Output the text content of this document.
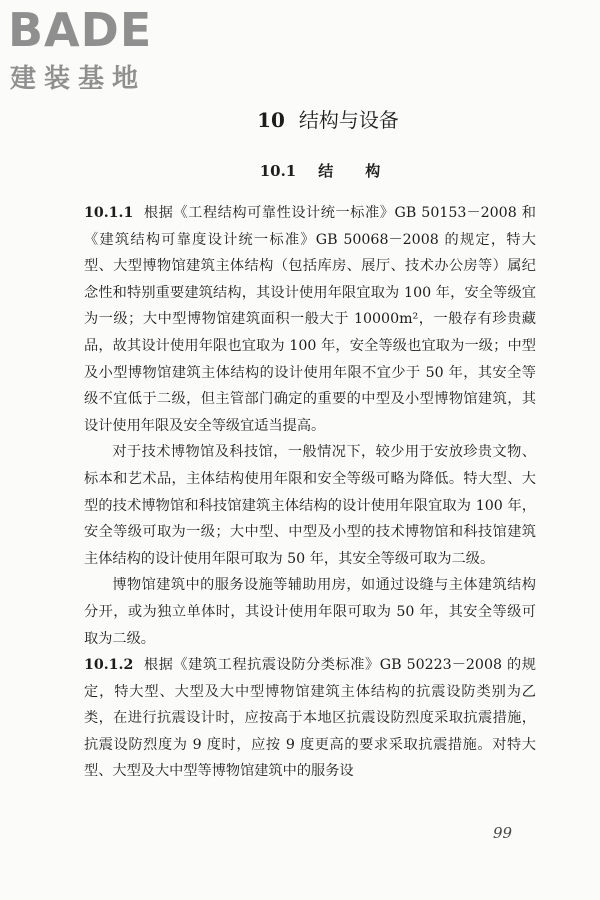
BADE
建装基地
10 结构与设备
10.1 结 构

10.1.1 根据《工程结构可靠性设计统一标准》GB 50153－2008 和《建筑结构可靠度设计统一标准》GB 50068－2008 的规定，特大型、大型博物馆建筑主体结构（包括库房、展厅、技术办公房等）属纪念性和特别重要建筑结构，其设计使用年限宜取为 100 年，安全等级宜为一级；大中型博物馆建筑面积一般大于 10000m²，一般存有珍贵藏品，故其设计使用年限也宜取为 100 年，安全等级也宜取为一级；中型及小型博物馆建筑主体结构的设计使用年限不宜少于 50 年，其安全等级不宜低于二级，但主管部门确定的重要的中型及小型博物馆建筑，其设计使用年限及安全等级宜适当提高。

对于技术博物馆及科技馆，一般情况下，较少用于安放珍贵文物、标本和艺术品，主体结构使用年限和安全等级可略为降低。特大型、大型的技术博物馆和科技馆建筑主体结构的设计使用年限宜取为 100 年，安全等级可取为一级；大中型、中型及小型的技术博物馆和科技馆建筑主体结构的设计使用年限可取为 50 年，其安全等级可取为二级。

博物馆建筑中的服务设施等辅助用房，如通过设缝与主体建筑结构分开，或为独立单体时，其设计使用年限可取为 50 年，其安全等级可取为二级。

10.1.2 根据《建筑工程抗震设防分类标准》GB 50223－2008 的规定，特大型、大型及大中型博物馆建筑主体结构的抗震设防类别为乙类，在进行抗震设计时，应按高于本地区抗震设防烈度采取抗震措施，抗震设防烈度为 9 度时，应按 9 度更高的要求采取抗震措施。对特大型、大型及大中型等博物馆建筑中的服务设

99
